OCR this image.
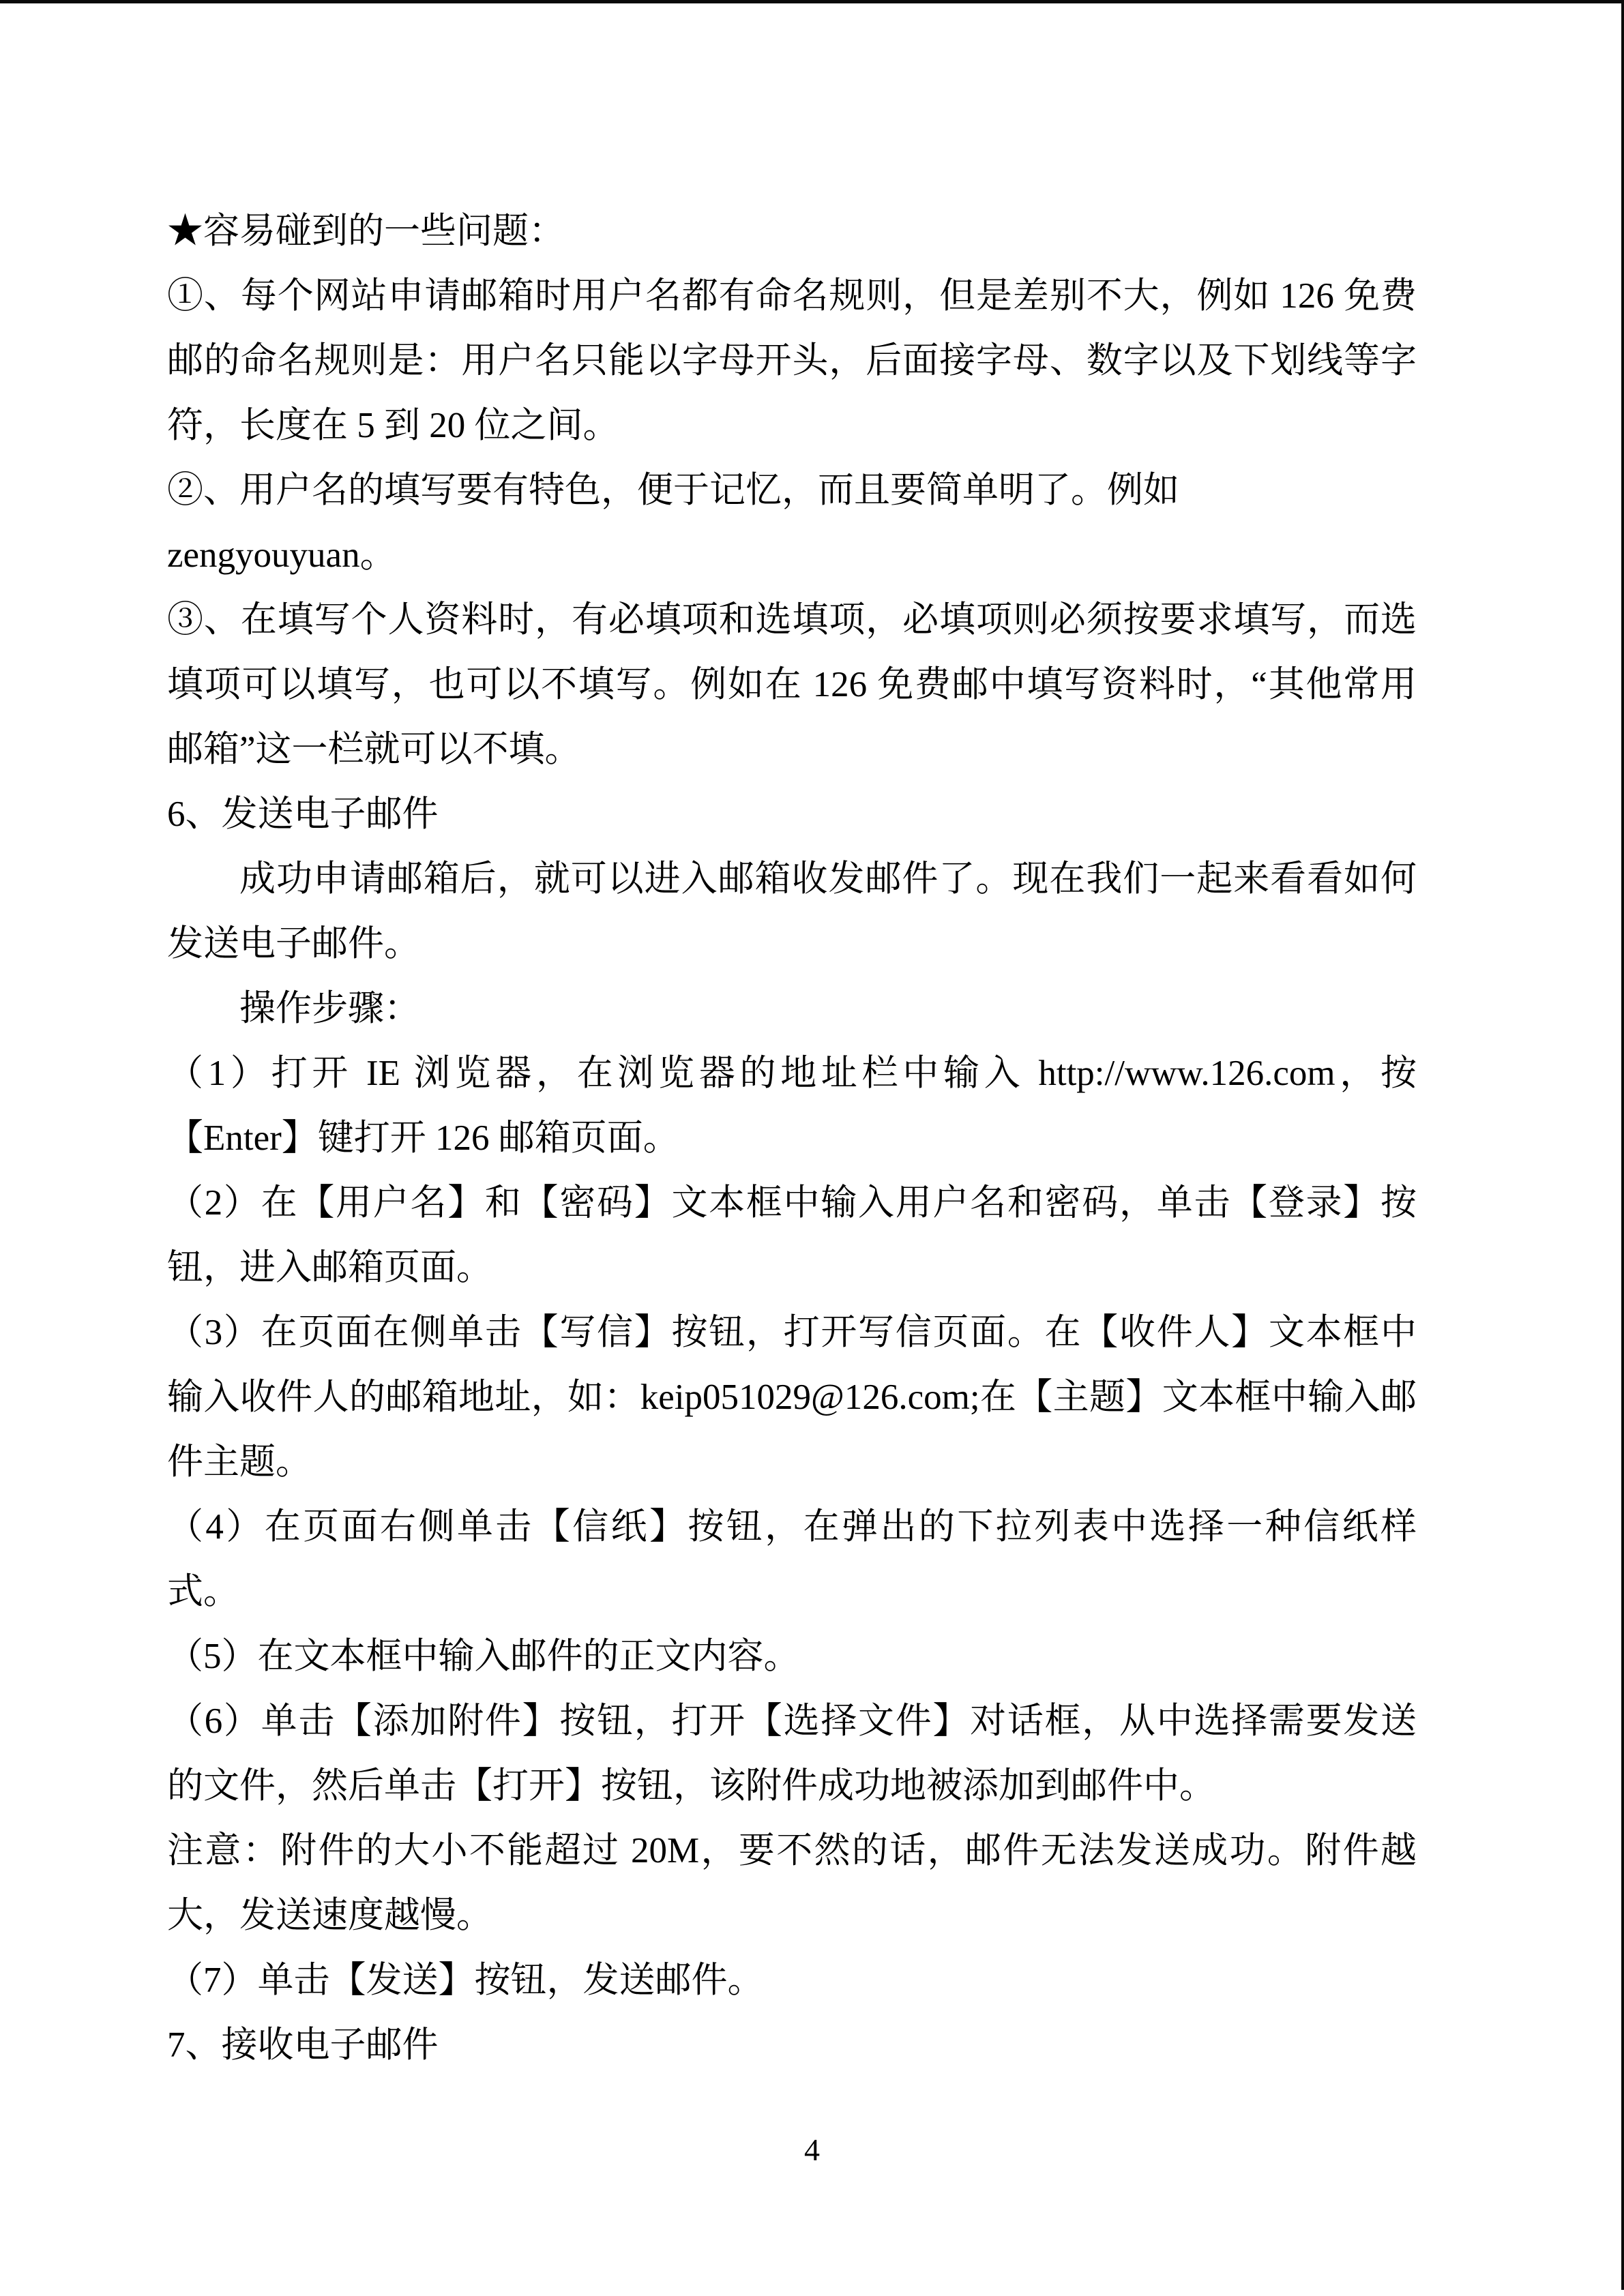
★容易碰到的一些问题：
①、每个网站申请邮箱时用户名都有命名规则，但是差别不大，例如 126 免费
邮的命名规则是：用户名只能以字母开头，后面接字母、数字以及下划线等字
符，长度在 5 到 20 位之间。
②、用户名的填写要有特色，便于记忆，而且要简单明了。例如
zengyouyuan。
③、在填写个人资料时，有必填项和选填项，必填项则必须按要求填写，而选
填项可以填写，也可以不填写。例如在 126 免费邮中填写资料时，“其他常用
邮箱”这一栏就可以不填。
6、发送电子邮件
成功申请邮箱后，就可以进入邮箱收发邮件了。现在我们一起来看看如何
发送电子邮件。
操作步骤：
（1）打开 IE 浏览器，在浏览器的地址栏中输入 http://www.126.com，按
【Enter】键打开 126 邮箱页面。
（2）在【用户名】和【密码】文本框中输入用户名和密码，单击【登录】按
钮，进入邮箱页面。
（3）在页面在侧单击【写信】按钮，打开写信页面。在【收件人】文本框中
输入收件人的邮箱地址，如：keip051029@126.com;在【主题】文本框中输入邮
件主题。
（4）在页面右侧单击【信纸】按钮，在弹出的下拉列表中选择一种信纸样
式。
（5）在文本框中输入邮件的正文内容。
（6）单击【添加附件】按钮，打开【选择文件】对话框，从中选择需要发送
的文件，然后单击【打开】按钮，该附件成功地被添加到邮件中。
注意：附件的大小不能超过 20M，要不然的话，邮件无法发送成功。附件越
大，发送速度越慢。
（7）单击【发送】按钮，发送邮件。
7、接收电子邮件
4
